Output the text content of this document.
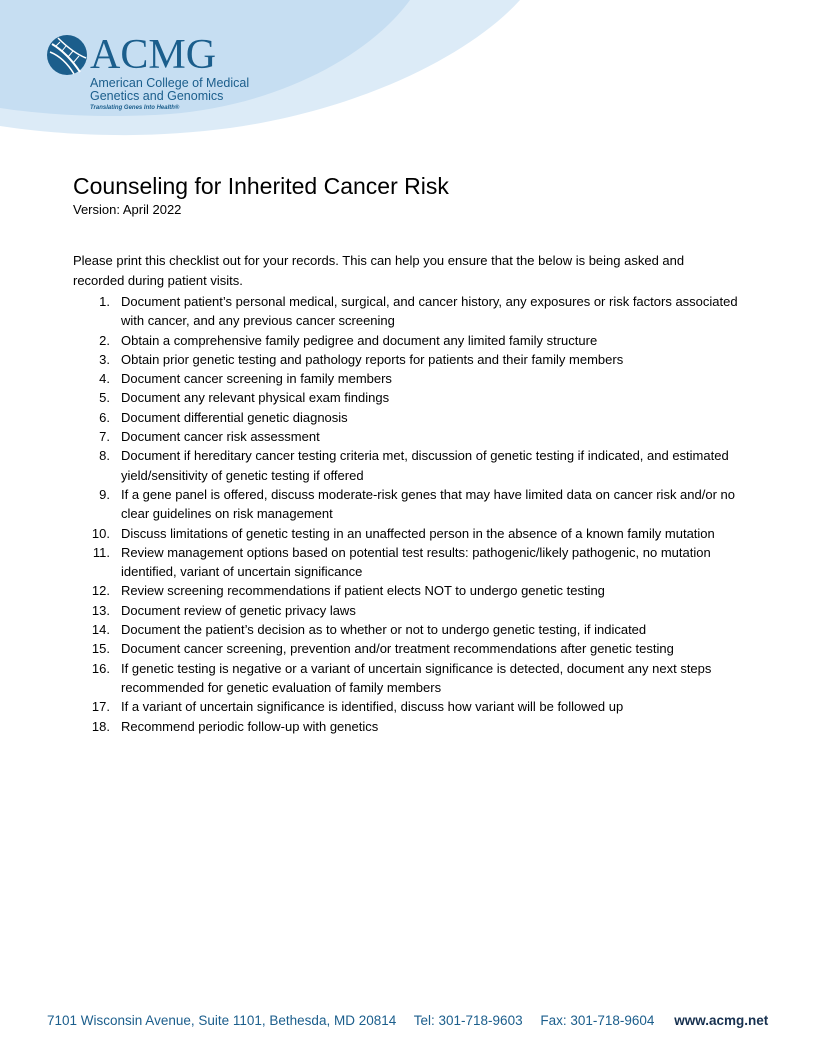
ACMG
American College of Medical
Genetics and Genomics
Translating Genes Into Health®
Counseling for Inherited Cancer Risk
Version: April 2022

Please print this checklist out for your records. This can help you ensure that the below is being asked and recorded during patient visits.

1. Document patient’s personal medical, surgical, and cancer history, any exposures or risk factors associated with cancer, and any previous cancer screening
2. Obtain a comprehensive family pedigree and document any limited family structure
3. Obtain prior genetic testing and pathology reports for patients and their family members
4. Document cancer screening in family members
5. Document any relevant physical exam findings
6. Document differential genetic diagnosis
7. Document cancer risk assessment
8. Document if hereditary cancer testing criteria met, discussion of genetic testing if indicated, and estimated yield/sensitivity of genetic testing if offered
9. If a gene panel is offered, discuss moderate-risk genes that may have limited data on cancer risk and/or no clear guidelines on risk management
10. Discuss limitations of genetic testing in an unaffected person in the absence of a known family mutation
11. Review management options based on potential test results: pathogenic/likely pathogenic, no mutation identified, variant of uncertain significance
12. Review screening recommendations if patient elects NOT to undergo genetic testing
13. Document review of genetic privacy laws
14. Document the patient’s decision as to whether or not to undergo genetic testing, if indicated
15. Document cancer screening, prevention and/or treatment recommendations after genetic testing
16. If genetic testing is negative or a variant of uncertain significance is detected, document any next steps recommended for genetic evaluation of family members
17. If a variant of uncertain significance is identified, discuss how variant will be followed up
18. Recommend periodic follow-up with genetics
7101 Wisconsin Avenue, Suite 1101, Bethesda, MD 20814 Tel: 301-718-9603 Fax: 301-718-9604 www.acmg.net
